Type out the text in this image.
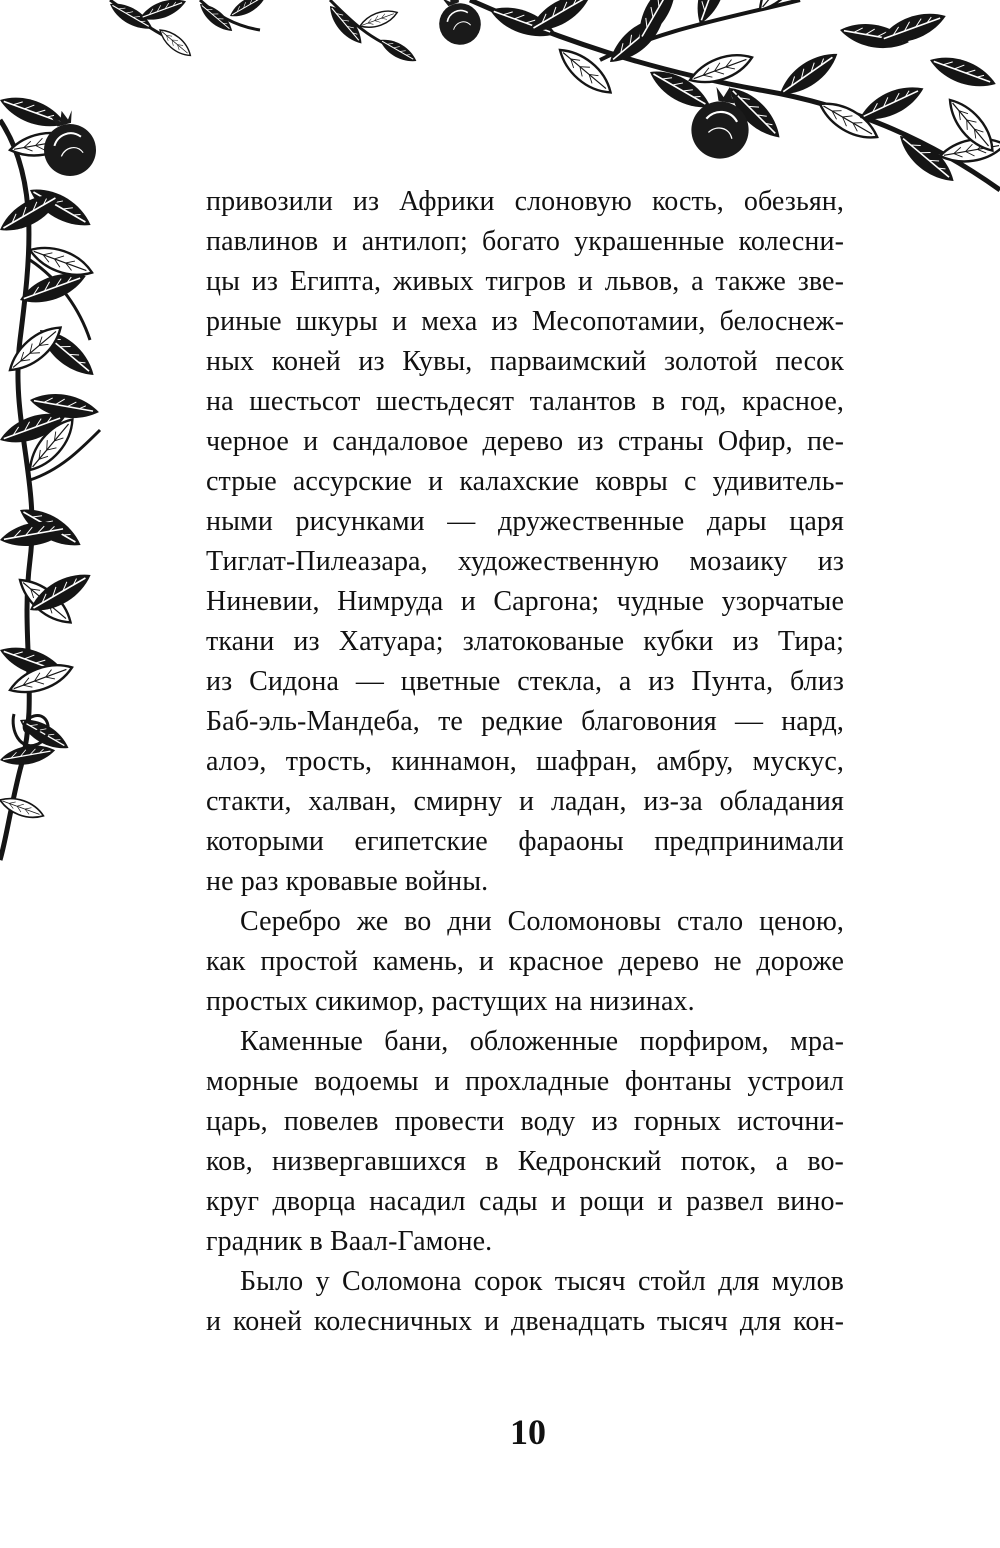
привозили из Африки слоновую кость, обезьян,
павлинов и антилоп; богато украшенные колесни-
цы из Египта, живых тигров и львов, а также зве-
риные шкуры и меха из Месопотамии, белоснеж-
ных коней из Кувы, парваимский золотой песок
на шестьсот шестьдесят талантов в год, красное,
черное и сандаловое дерево из страны Офир, пе-
стрые ассурские и калахские ковры с удивитель-
ными рисунками — дружественные дары царя
Тиглат-Пилеазара, художественную мозаику из
Ниневии, Нимруда и Саргона; чудные узорчатые
ткани из Хатуара; златокованые кубки из Тира;
из Сидона — цветные стекла, а из Пунта, близ
Баб-эль-Мандеба, те редкие благовония — нард,
алоэ, трость, киннамон, шафран, амбру, мускус,
стакти, халван, смирну и ладан, из-за обладания
которыми египетские фараоны предпринимали
не раз кровавые войны.

Серебро же во дни Соломоновы стало ценою,
как простой камень, и красное дерево не дороже
простых сикимор, растущих на низинах.

Каменные бани, обложенные порфиром, мра-
морные водоемы и прохладные фонтаны устроил
царь, повелев провести воду из горных источни-
ков, низвергавшихся в Кедронский поток, а во-
круг дворца насадил сады и рощи и развел вино-
градник в Ваал-Гамоне.

Было у Соломона сорок тысяч стойл для мулов
и коней колесничных и двенадцать тысяч для кон-

10
